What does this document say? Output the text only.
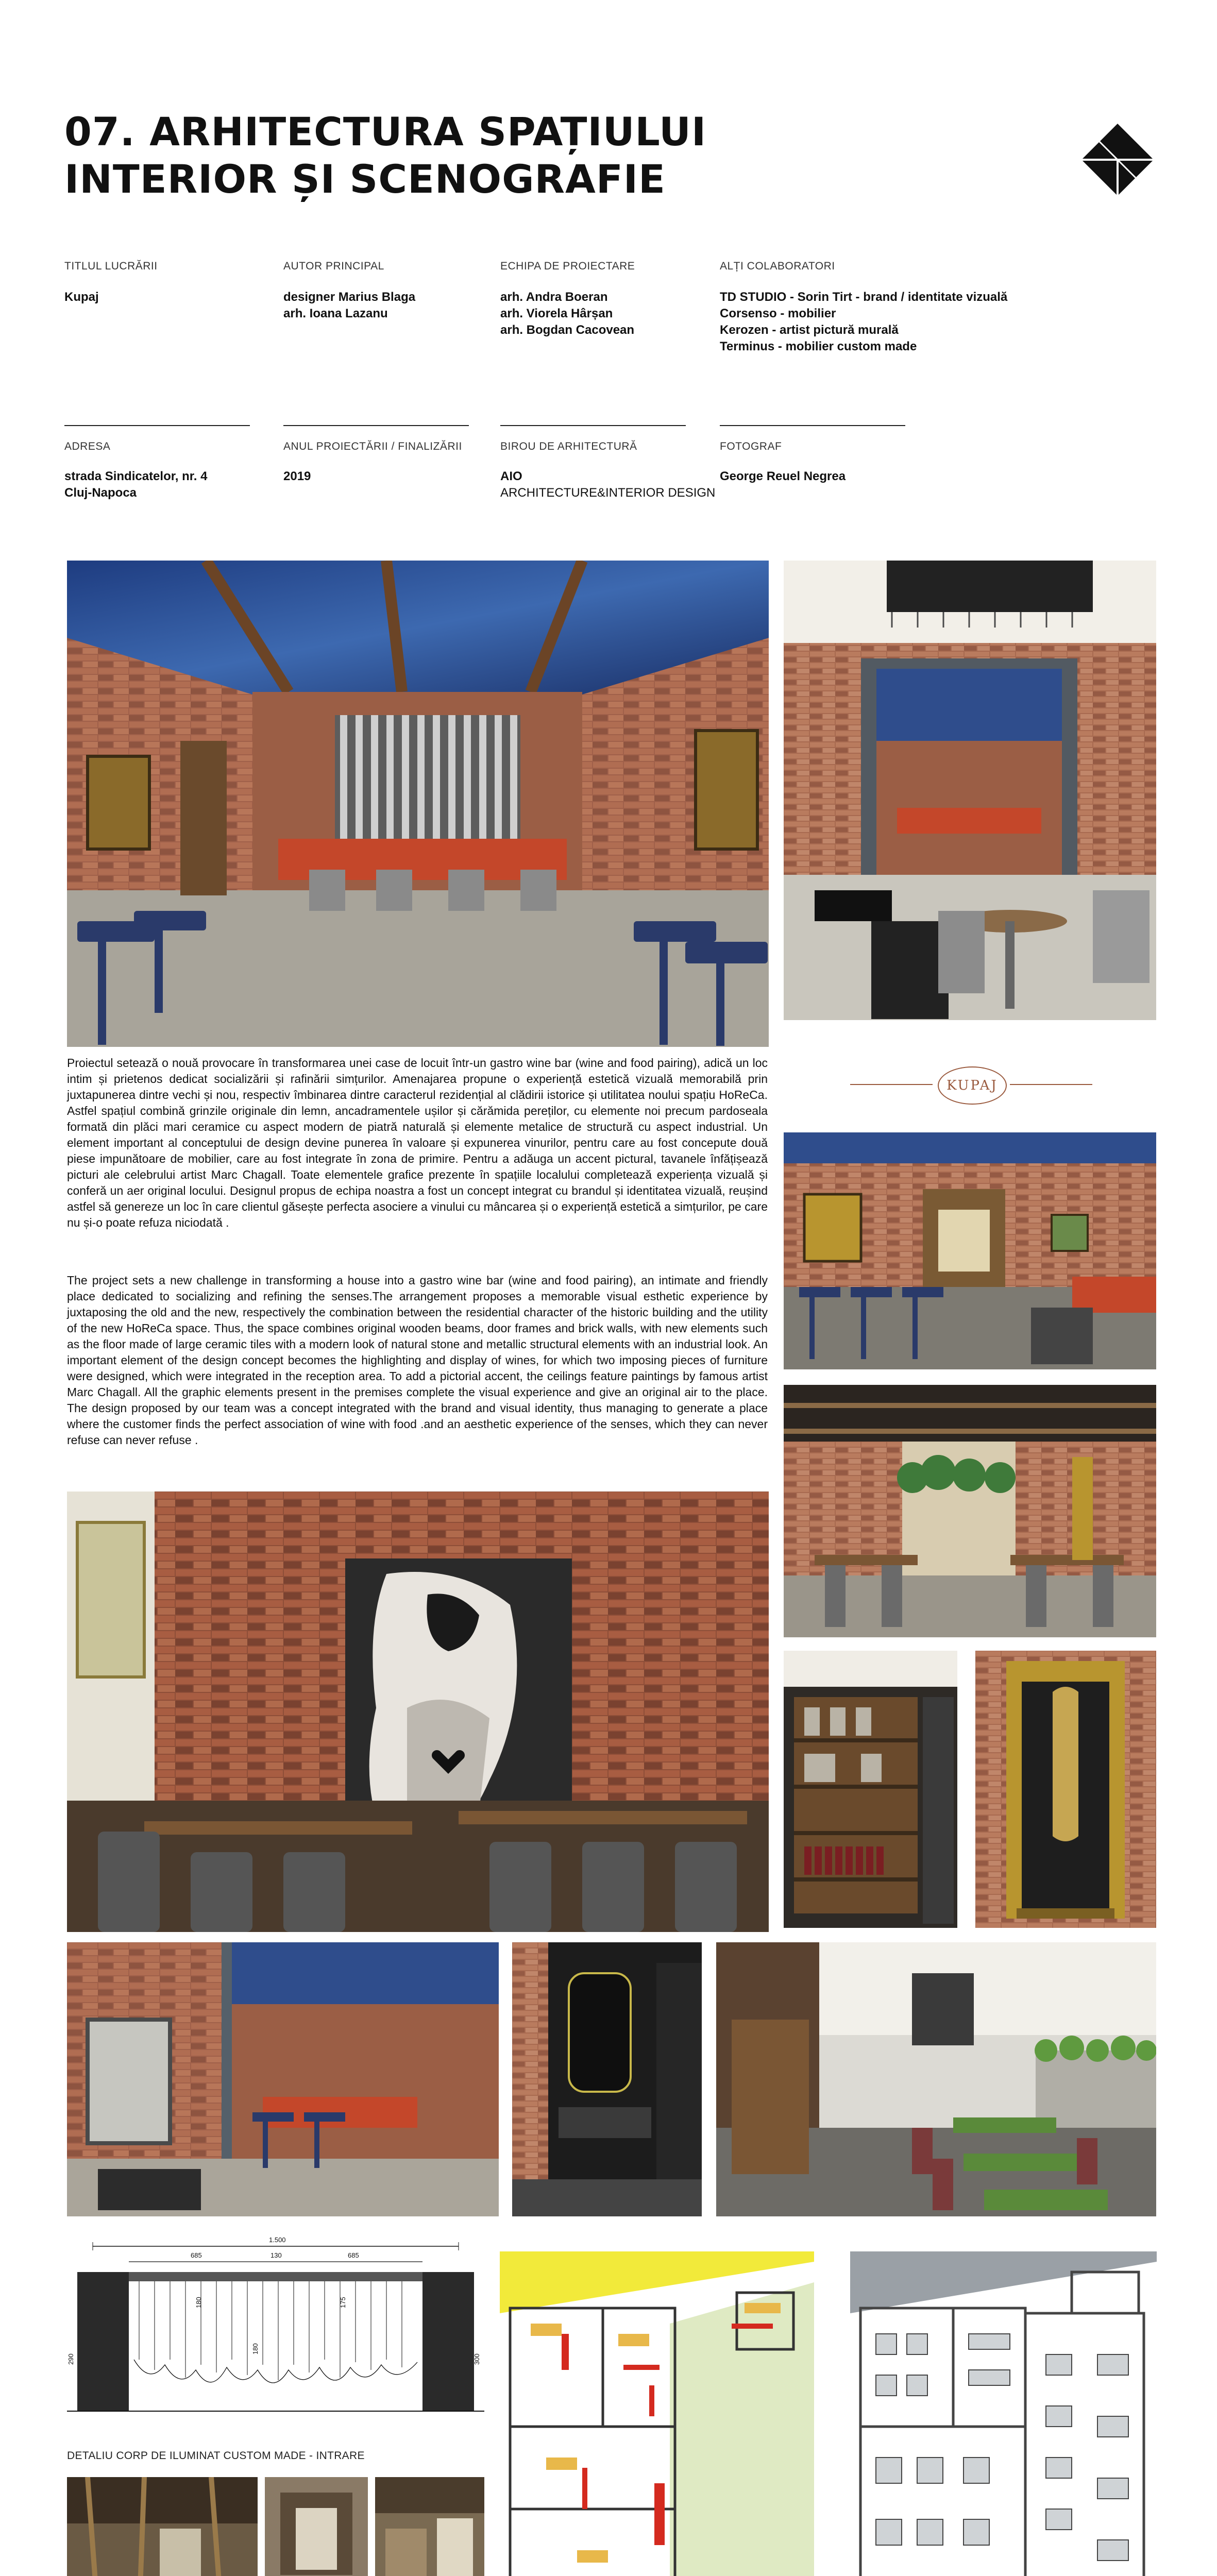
07. ARHITECTURA SPAȚIULUI
INTERIOR ȘI SCENOGRAFIE
TITLUL LUCRĂRII
Kupaj
AUTOR PRINCIPAL
designer Marius Blaga
arh. Ioana Lazanu
ECHIPA DE PROIECTARE
arh. Andra Boeran
arh. Viorela Hârșan
arh. Bogdan Cacovean
ALȚI COLABORATORI
TD STUDIO - Sorin Tirt - brand / identitate vizuală
Corsenso - mobilier
Kerozen - artist pictură murală
Terminus - mobilier custom made
ADRESA
strada Sindicatelor, nr. 4
Cluj-Napoca
ANUL PROIECTĂRII / FINALIZĂRII
2019
BIROU DE ARHITECTURĂ
AIO
ARCHITECTURE&INTERIOR DESIGN
FOTOGRAF
George Reuel Negrea
KUPAJ
Proiectul setează o nouă provocare în transformarea unei case de locuit într-un gastro wine bar (wine and food pairing), adică un loc intim și prietenos dedicat socializării și rafinării simțurilor. Amenajarea propune o experiență estetică vizuală memorabilă prin juxtapunerea dintre vechi și nou, respectiv îmbinarea dintre caracterul rezidențial al clădirii istorice și utilitatea noului spațiu HoReCa. Astfel spațiul combină grinzile originale din lemn, ancadramentele ușilor și cărămida pereților, cu elemente noi precum pardoseala formată din plăci mari ceramice cu aspect modern de piatră naturală și elemente metalice de structură cu aspect industrial. Un element important al conceptului de design devine punerea în valoare și expunerea vinurilor, pentru care au fost concepute două piese impunătoare de mobilier, care au fost integrate în zona de primire. Pentru a adăuga un accent pictural, tavanele înfățișează picturi ale celebrului artist Marc Chagall. Toate elementele grafice prezente în spațiile localului completează experiența vizuală și conferă un aer original locului. Designul propus de echipa noastra a fost un concept integrat cu brandul și identitatea vizuală, reușind astfel să generezе un loc în care clientul găsește perfecta asociere a vinului cu mâncarea și o experiență estetică a simțurilor, pe care nu și-o poate refuza niciodată .
The project sets a new challenge in transforming a house into a gastro wine bar (wine and food pairing), an intimate and friendly place dedicated to socializing and refining the senses.The arrangement proposes a memorable visual esthetic experience by juxtaposing the old and the new, respectively the combination between the residential character of the historic building and the utility of the new HoReCa space. Thus, the space combines original wooden beams, door frames and brick walls, with new elements such as the floor made of large ceramic tiles with a modern look of natural stone and metallic structural elements with an industrial look. An important element of the design concept becomes the highlighting and display of wines, for which two imposing pieces of furniture were designed, which were integrated in the reception area. To add a pictorial accent, the ceilings feature paintings by famous artist Marc Chagall. All the graphic elements present in the premises complete the visual experience and give an original air to the place. The design proposed by our team was a concept integrated with the brand and visual identity, thus managing to generate a place where the customer finds the perfect association of wine with food .and an aesthetic experience of the senses, which they can never refuse can never refuse .
1.500
685	130	685
180	175
290	300
180
DETALIU CORP DE ILUMINAT CUSTOM MADE - INTRARE
